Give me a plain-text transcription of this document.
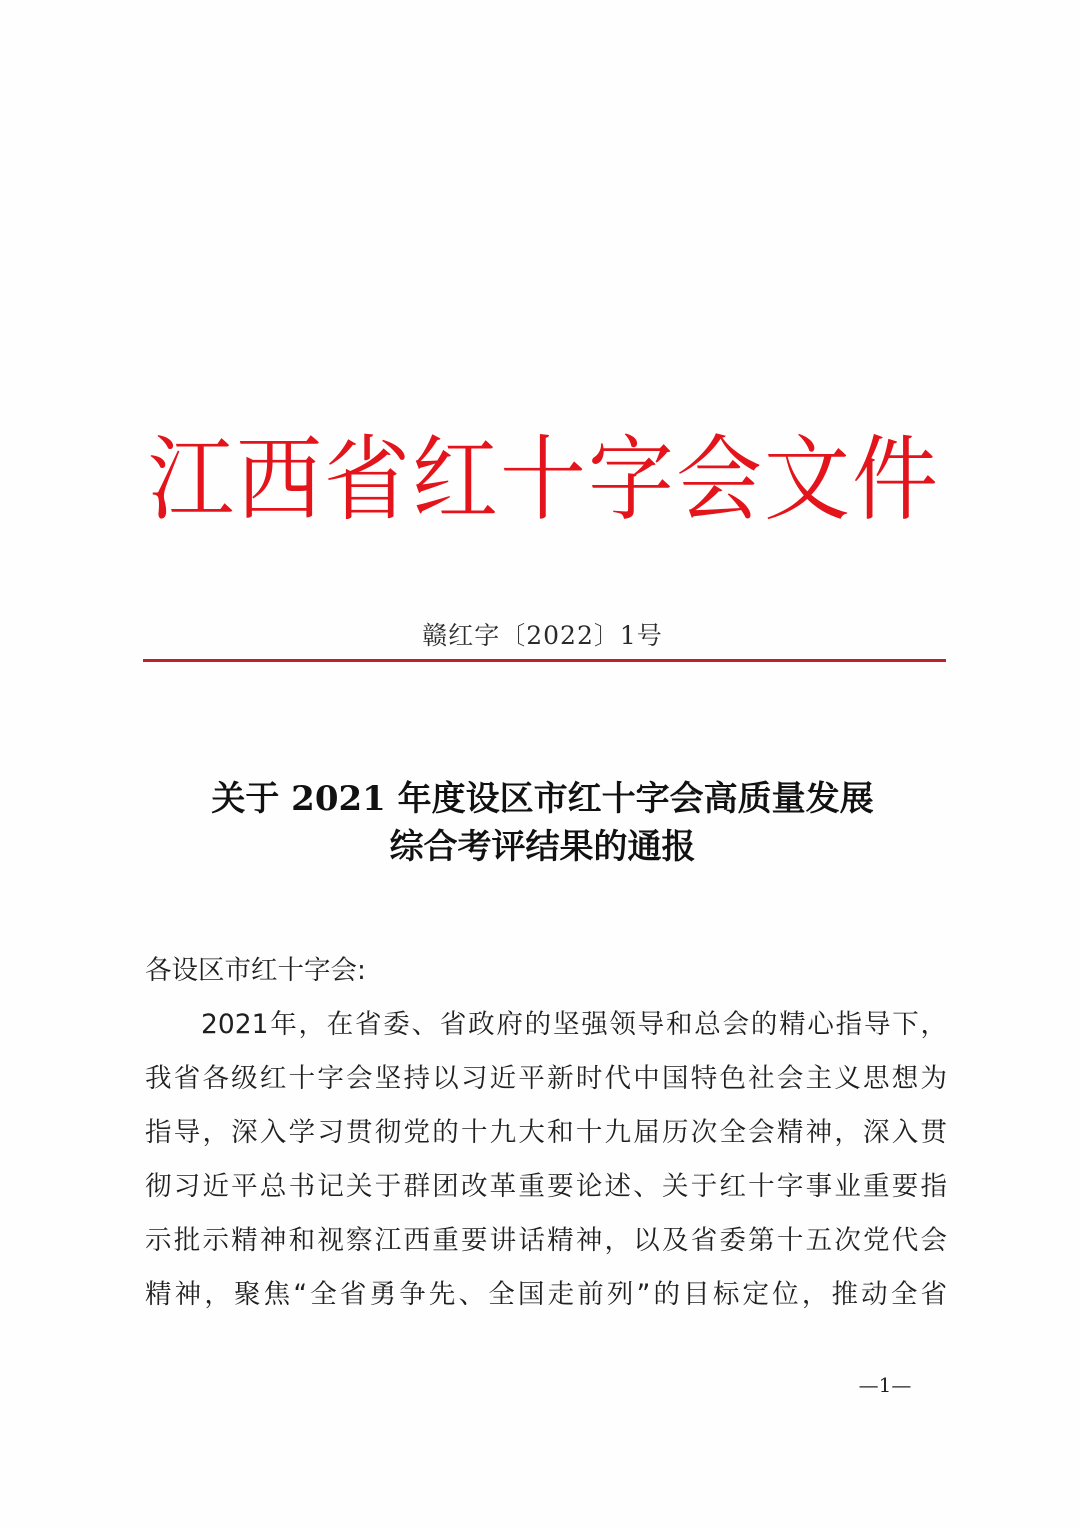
江西省红十字会文件
赣红字〔2022〕1号
关于 2021 年度设区市红十字会高质量发展
综合考评结果的通报
各设区市红十字会:
2021年，在省委、省政府的坚强领导和总会的精心指导下，
我省各级红十字会坚持以习近平新时代中国特色社会主义思想为
指导，深入学习贯彻党的十九大和十九届历次全会精神，深入贯
彻习近平总书记关于群团改革重要论述、关于红十字事业重要指
示批示精神和视察江西重要讲话精神，以及省委第十五次党代会
精神，聚焦“全省勇争先、全国走前列”的目标定位，推动全省
—1—
